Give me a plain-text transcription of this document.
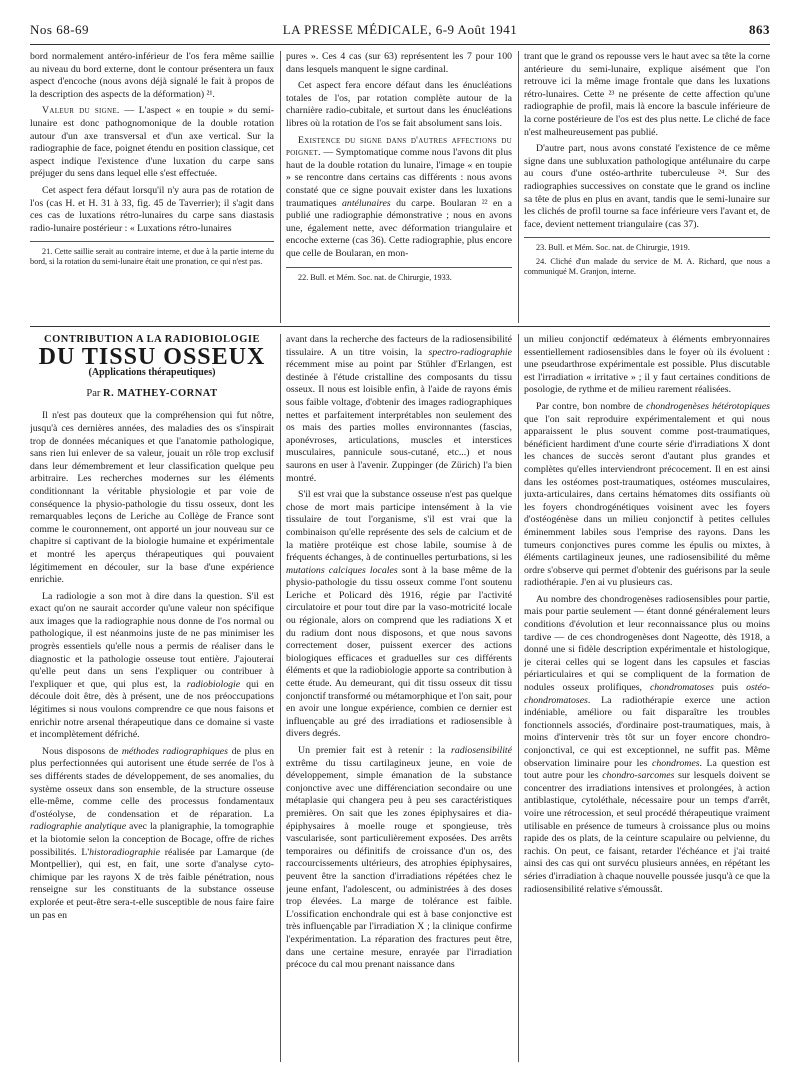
Nos 68-69	LA PRESSE MÉDICALE, 6-9 Août 1941	863

bord normalement antéro-inférieur de l'os fera même saillie au niveau du bord externe, dont le contour présentera un faux aspect d'encoche (nous avons déjà signalé le fait à propos de la description des aspects de la déformation) ²¹.

Valeur du signe. — L'aspect « en toupie » du semi-lunaire est donc pathognomonique de la double rotation autour d'un axe transversal et d'un axe vertical. Sur la radiographie de face, poignet étendu en position classique, cet aspect indique l'existence d'une luxation du carpe sans préjuger du sens dans lequel elle s'est effectuée.

Cet aspect fera défaut lorsqu'il n'y aura pas de rotation de l'os (cas H. et H. 31 à 33, fig. 45 de Taverrier); il s'agit dans ces cas de luxations rétro-lunaires du carpe sans diastasis radio-lunaire postérieur : « Luxations rétro-lunaires

21. Cette saillie serait au contraire interne, et due à la partie interne du bord, si la rotation du semi-lunaire était une pronation, ce qui n'est pas.

pures ». Ces 4 cas (sur 63) représentent les 7 pour 100 dans lesquels manquent le signe cardinal.

Cet aspect fera encore défaut dans les énucléations totales de l'os, par rotation complète autour de la charnière radio-cubitale, et surtout dans les énucléations libres où la rotation de l'os se fait absolument sans lois.

Existence du signe dans d'autres affections du poignet. — Symptomatique comme nous l'avons dit plus haut de la double rotation du lunaire, l'image « en toupie » se rencontre dans certains cas différents : nous avons constaté que ce signe pouvait exister dans les luxations traumatiques antélunaires du carpe. Boularan ²² en a publié une radiographie démonstrative ; nous en avons une, également nette, avec déformation triangulaire et encoche externe (cas 36). Cette radiographie, plus encore que celle de Boularan, en mon-

22. Bull. et Mém. Soc. nat. de Chirurgie, 1933.

trant que le grand os repousse vers le haut avec sa tête la corne antérieure du semi-lunaire, explique aisément que l'on retrouve ici la même image frontale que dans les luxations rétro-lunaires. Cette ²³ ne présente de cette affection qu'une radiographie de profil, mais là encore la bascule inférieure de la corne postérieure de l'os est des plus nette. Le cliché de face n'est malheureusement pas publié.

D'autre part, nous avons constaté l'existence de ce même signe dans une subluxation pathologique antélunaire du carpe au cours d'une ostéo-arthrite tuberculeuse ²⁴. Sur des radiographies successives on constate que le grand os incline sa tête de plus en plus en avant, tandis que le semi-lunaire sur les clichés de profil tourne sa face inférieure vers l'avant et, de face, devient nettement triangulaire (cas 37).

23. Bull. et Mém. Soc. nat. de Chirurgie, 1919.

24. Cliché d'un malade du service de M. A. Richard, que nous a communiqué M. Granjon, interne.

CONTRIBUTION A LA RADIOBIOLOGIE
DU TISSU OSSEUX
(Applications thérapeutiques)
Par R. MATHEY-CORNAT

Il n'est pas douteux que la compréhension qui fut nôtre, jusqu'à ces dernières années, des maladies des os s'inspirait trop de données mécaniques et que l'anatomie pathologique, sans rien lui enlever de sa valeur, jouait un rôle trop exclusif dans leur démembrement et leur classification quelque peu arbitraire. Les recherches modernes sur les éléments conditionnant la véritable physiologie et par voie de conséquence la physio-pathologie du tissu osseux, dont les remarquables leçons de Leriche au Collège de France sont comme le couronnement, ont apporté un jour nouveau sur ce chapitre si captivant de la biologie humaine et expérimentale et montré les aperçus thérapeutiques qui pouvaient légitimement en découler, sur la base d'une expérience enrichie.

La radiologie a son mot à dire dans la question. S'il est exact qu'on ne saurait accorder qu'une valeur non spécifique aux images que la radiographie nous donne de l'os normal ou pathologique, il est néanmoins juste de ne pas minimiser les progrès essentiels qu'elle nous a permis de réaliser dans le diagnostic et la pathologie osseuse tout entière. J'ajouterai qu'elle peut dans un sens l'expliquer ou contribuer à l'expliquer et que, qui plus est, la radiobiologie qui en découle doit être, dès à présent, une de nos préoccupations légitimes si nous voulons comprendre ce que nous faisons et enrichir notre arsenal thérapeutique dans ce domaine si vaste et incomplètement défriché.

Nous disposons de méthodes radiographiques de plus en plus perfectionnées qui autorisent une étude serrée de l'os à ses différents stades de développement, de ses anomalies, du système osseux dans son ensemble, de la structure osseuse elle-même, comme celle des processus fondamentaux d'ostéolyse, de condensation et de réparation. La radiographie analytique avec la planigraphie, la tomographie et la biotomie selon la conception de Bocage, offre de riches possibilités. L'historadiographie réalisée par Lamarque (de Montpellier), qui est, en fait, une sorte d'analyse cyto-chimique par les rayons X de très faible pénétration, nous renseigne sur les constituants de la substance osseuse explorée et peut-être sera-t-elle susceptible de nous faire faire un pas en

avant dans la recherche des facteurs de la radiosensibilité tissulaire. A un titre voisin, la spectro-radiographie récemment mise au point par Stühler d'Erlangen, est destinée à l'étude cristalline des composants du tissu osseux. Il nous est loisible enfin, à l'aide de rayons émis sous faible voltage, d'obtenir des images radiographiques nettes et parfaitement interprétables non seulement des os mais des parties molles environnantes (fascias, aponévroses, articulations, muscles et interstices musculaires, pannicule sous-cutané, etc...) et nous saurons en user à l'avenir. Zuppinger (de Zürich) l'a bien montré.

S'il est vrai que la substance osseuse n'est pas quelque chose de mort mais participe intensément à la vie tissulaire de tout l'organisme, s'il est vrai que la combinaison qu'elle représente des sels de calcium et de la matière protéique est chose labile, soumise à de fréquents échanges, à de continuelles perturbations, si les mutations calciques locales sont à la base même de la physio-pathologie du tissu osseux comme l'ont soutenu Leriche et Policard dès 1916, régie par l'activité circulatoire et pour tout dire par la vaso-motricité locale ou régionale, alors on comprend que les radiations X et du radium dont nous disposons, et que nous savons correctement doser, puissent exercer des actions biologiques efficaces et graduelles sur ces différents éléments et que la radiobiologie apporte sa contribution à cette étude. Au demeurant, qui dit tissu osseux dit tissu conjonctif transformé ou métamorphique et l'on sait, pour en avoir une longue expérience, combien ce dernier est influençable au gré des irradiations et radiosensible à divers degrés.

Un premier fait est à retenir : la radiosensibilité extrême du tissu cartilagineux jeune, en voie de développement, simple émanation de la substance conjonctive avec une différenciation secondaire ou une métaplasie qui changera peu à peu ses caractéristiques premières. On sait que les zones épiphysaires et dia-épiphysaires à moelle rouge et spongieuse, très vascularisée, sont particulièrement exposées. Des arrêts temporaires ou définitifs de croissance d'un os, des raccourcissements ultérieurs, des atrophies épiphysaires, peuvent être la sanction d'irradiations répétées chez le jeune enfant, l'adolescent, ou administrées à des doses trop élevées. La marge de tolérance est faible. L'ossification enchondrale qui est à base conjonctive est très influençable par l'irradiation X ; la clinique confirme l'expérimentation. La réparation des fractures peut être, dans une certaine mesure, enrayée par l'irradiation précoce du cal mou prenant naissance dans

un milieu conjonctif œdémateux à éléments embryonnaires essentiellement radiosensibles dans le foyer où ils évoluent : une pseudarthrose expérimentale est possible. Plus discutable est l'irradiation « irritative » ; il y faut certaines conditions de posologie, de rythme et de milieu rarement réalisées.

Par contre, bon nombre de chondrogenèses hétérotopiques que l'on sait reproduire expérimentalement et qui nous apparaissent le plus souvent comme post-traumatiques, bénéficient hardiment d'une courte série d'irradiations X dont les chances de succès seront d'autant plus grandes et complètes qu'elles interviendront précocement. Il en est ainsi dans les ostéomes post-traumatiques, ostéomes musculaires, juxta-articulaires, dans certains hématomes dits ossifiants où les foyers chondrogénétiques voisinent avec les foyers d'ostéogénèse dans un milieu conjonctif à petites cellules éminemment labiles sous l'emprise des rayons. Dans les tumeurs conjonctives pures comme les épulis ou mixtes, à éléments cartilagineux jeunes, une radiosensibilité du même ordre s'observe qui permet d'obtenir des guérisons par la seule radiothérapie. J'en ai vu plusieurs cas.

Au nombre des chondrogenèses radiosensibles pour partie, mais pour partie seulement — étant donné généralement leurs conditions d'évolution et leur reconnaissance plus ou moins tardive — de ces chondrogenèses dont Nageotte, dès 1918, a donné une si fidèle description expérimentale et histologique, je citerai celles qui se logent dans les capsules et fascias périarticulaires et qui se compliquent de la formation de nodules osseux prolifiques, chondromatoses puis ostéo-chondromatoses. La radiothérapie exerce une action indéniable, améliore ou fait disparaître les troubles fonctionnels associés, d'ordinaire post-traumatiques, mais, à moins d'intervenir très tôt sur un foyer encore chondro-conjonctival, ce qui est exceptionnel, ne suffit pas. Même observation liminaire pour les chondromes. La question est tout autre pour les chondro-sarcomes sur lesquels doivent se concentrer des irradiations intensives et prolongées, à action antiblastique, cytoléthale, nécessaire pour un temps d'arrêt, voire une rétrocession, et seul procédé thérapeutique vraiment utilisable en présence de tumeurs à croissance plus ou moins rapide des os plats, de la ceinture scapulaire ou pelvienne, du rachis. On peut, ce faisant, retarder l'échéance et j'ai traité ainsi des cas qui ont survécu plusieurs années, en répétant les séries d'irradiation à chaque nouvelle poussée jusqu'à ce que la radiosensibilité relative s'émoussât.
